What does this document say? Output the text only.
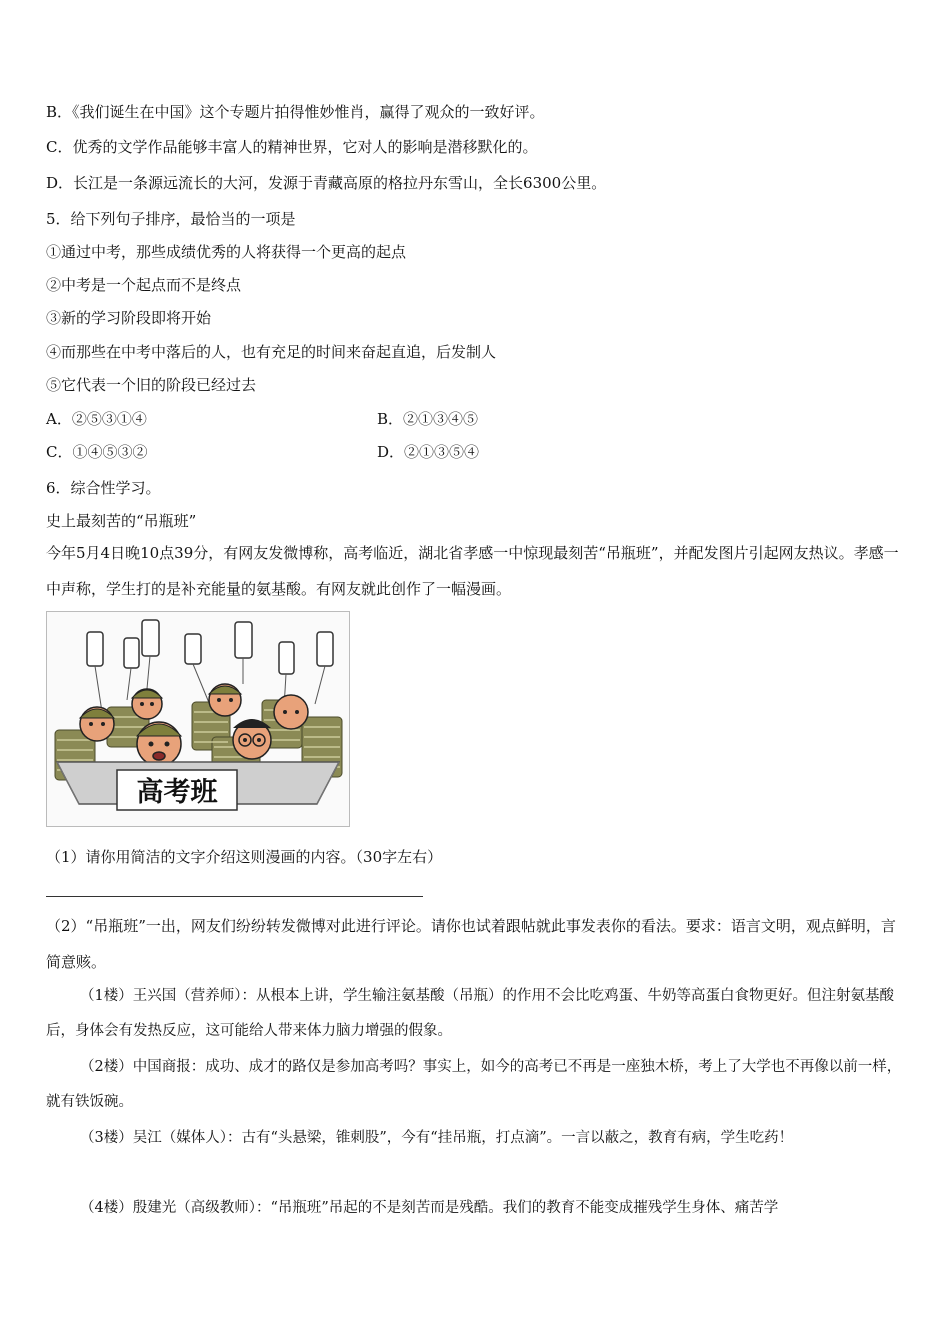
B．《我们诞生在中国》这个专题片拍得惟妙惟肖，赢得了观众的一致好评。
C．优秀的文学作品能够丰富人的精神世界，它对人的影响是潜移默化的。
D．长江是一条源远流长的大河，发源于青藏高原的格拉丹东雪山，全长6300公里。
5．给下列句子排序，最恰当的一项是
①通过中考，那些成绩优秀的人将获得一个更高的起点
②中考是一个起点而不是终点
③新的学习阶段即将开始
④而那些在中考中落后的人，也有充足的时间来奋起直追，后发制人
⑤它代表一个旧的阶段已经过去
A．②⑤③①④	B．②①③④⑤
C．①④⑤③②	D．②①③⑤④
6．综合性学习。
史上最刻苦的“吊瓶班”
今年5月4日晚10点39分，有网友发微博称，高考临近，湖北省孝感一中惊现最刻苦“吊瓶班”，并配发图片引起网友热议。孝感一中声称，学生打的是补充能量的氨基酸。有网友就此创作了一幅漫画。
高考班
（1）请你用简洁的文字介绍这则漫画的内容。（30字左右）
（2）“吊瓶班”一出，网友们纷纷转发微博对此进行评论。请你也试着跟帖就此事发表你的看法。要求：语言文明，观点鲜明，言简意赅。
（1楼）王兴国（营养师）：从根本上讲，学生输注氨基酸（吊瓶）的作用不会比吃鸡蛋、牛奶等高蛋白食物更好。但注射氨基酸后，身体会有发热反应，这可能给人带来体力脑力增强的假象。
（2楼）中国商报：成功、成才的路仅是参加高考吗？事实上，如今的高考已不再是一座独木桥，考上了大学也不再像以前一样，就有铁饭碗。
（3楼）吴江（媒体人）：古有“头悬梁，锥刺股”，今有“挂吊瓶，打点滴”。一言以蔽之，教育有病，学生吃药！
（4楼）殷建光（高级教师）：“吊瓶班”吊起的不是刻苦而是残酷。我们的教育不能变成摧残学生身体、痛苦学
